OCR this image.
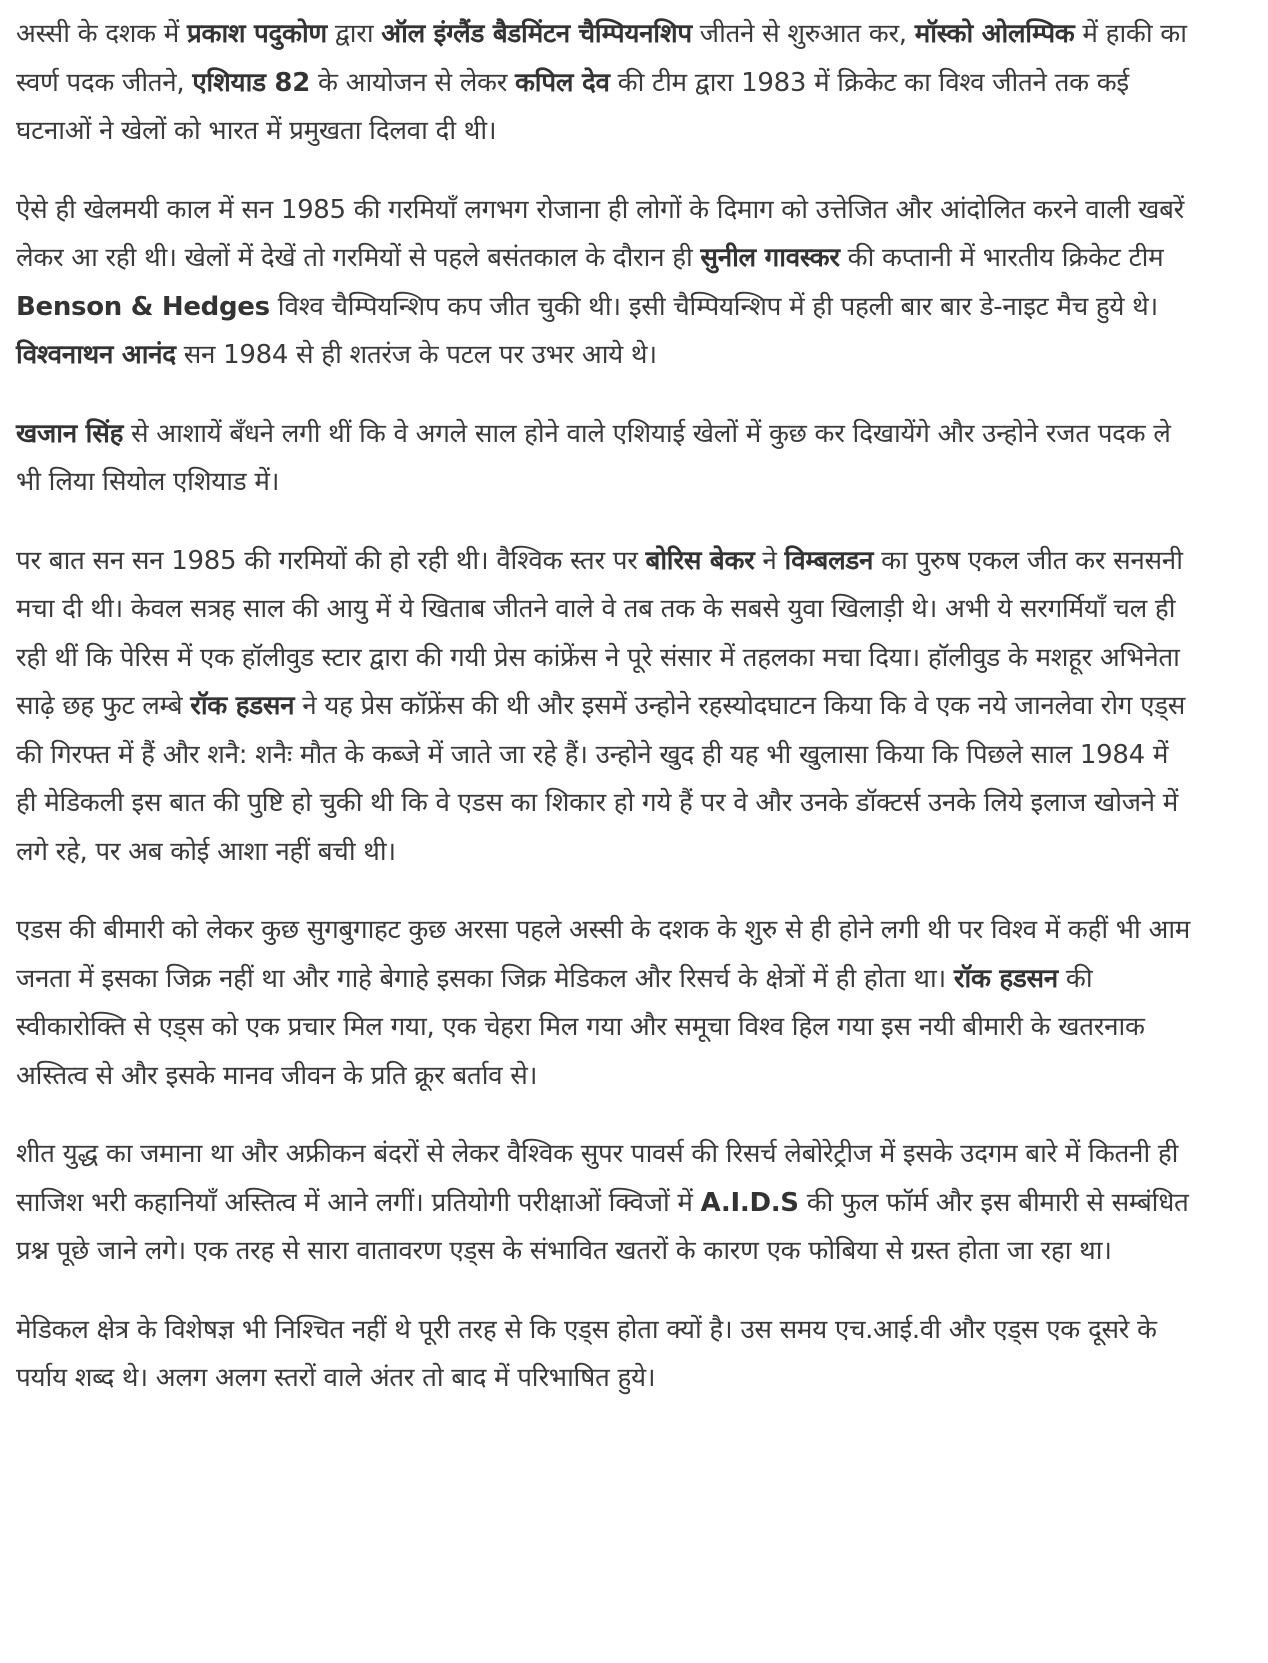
अस्सी के दशक में प्रकाश पदुकोण द्वारा ऑल इंग्लैंड बैडमिंटन चैम्पियनशिप जीतने से शुरुआत कर, मॉस्को ओलम्पिक में हाकी का स्वर्ण पदक जीतने, एशियाड 82 के आयोजन से लेकर कपिल देव की टीम द्वारा 1983 में क्रिकेट का विश्व जीतने तक कई घटनाओं ने खेलों को भारत में प्रमुखता दिलवा दी थी।

ऐसे ही खेलमयी काल में सन 1985 की गरमियाँ लगभग रोजाना ही लोगों के दिमाग को उत्तेजित और आंदोलित करने वाली खबरें लेकर आ रही थी। खेलों में देखें तो गरमियों से पहले बसंतकाल के दौरान ही सुनील गावस्कर की कप्तानी में भारतीय क्रिकेट टीम Benson & Hedges विश्व चैम्पियन्शिप कप जीत चुकी थी। इसी चैम्पियन्शिप में ही पहली बार बार डे-नाइट मैच हुये थे। विश्वनाथन आनंद सन 1984 से ही शतरंज के पटल पर उभर आये थे।

खजान सिंह से आशायें बँधने लगी थीं कि वे अगले साल होने वाले एशियाई खेलों में कुछ कर दिखायेंगे और उन्होने रजत पदक ले भी लिया सियोल एशियाड में।

पर बात सन सन 1985 की गरमियों की हो रही थी। वैश्विक स्तर पर बोरिस बेकर ने विम्बलडन का पुरुष एकल जीत कर सनसनी मचा दी थी। केवल सत्रह साल की आयु में ये खिताब जीतने वाले वे तब तक के सबसे युवा खिलाड़ी थे। अभी ये सरगर्मियाँ चल ही रही थीं कि पेरिस में एक हॉलीवुड स्टार द्वारा की गयी प्रेस कांफ्रेंस ने पूरे संसार में तहलका मचा दिया। हॉलीवुड के मशहूर अभिनेता साढ़े छह फुट लम्बे रॉक हडसन ने यह प्रेस कॉफ्रेंस की थी और इसमें उन्होने रहस्योदघाटन किया कि वे एक नये जानलेवा रोग एड्स की गिरफ्त में हैं और शनै: शनैः मौत के कब्जे में जाते जा रहे हैं। उन्होने खुद ही यह भी खुलासा किया कि पिछले साल 1984 में ही मेडिकली इस बात की पुष्टि हो चुकी थी कि वे एडस का शिकार हो गये हैं पर वे और उनके डॉक्टर्स उनके लिये इलाज खोजने में लगे रहे, पर अब कोई आशा नहीं बची थी।

एडस की बीमारी को लेकर कुछ सुगबुगाहट कुछ अरसा पहले अस्सी के दशक के शुरु से ही होने लगी थी पर विश्व में कहीं भी आम जनता में इसका जिक्र नहीं था और गाहे बेगाहे इसका जिक्र मेडिकल और रिसर्च के क्षेत्रों में ही होता था। रॉक हडसन की स्वीकारोक्ति से एड्स को एक प्रचार मिल गया, एक चेहरा मिल गया और समूचा विश्व हिल गया इस नयी बीमारी के खतरनाक अस्तित्व से और इसके मानव जीवन के प्रति क्रूर बर्ताव से।

शीत युद्ध का जमाना था और अफ्रीकन बंदरों से लेकर वैश्विक सुपर पावर्स की रिसर्च लेबोरेट्रीज में इसके उदगम बारे में कितनी ही साजिश भरी कहानियाँ अस्तित्व में आने लगीं। प्रतियोगी परीक्षाओं क्विजों में A.I.D.S की फुल फॉर्म और इस बीमारी से सम्बंधित प्रश्न पूछे जाने लगे। एक तरह से सारा वातावरण एड्स के संभावित खतरों के कारण एक फोबिया से ग्रस्त होता जा रहा था।

मेडिकल क्षेत्र के विशेषज्ञ भी निश्चित नहीं थे पूरी तरह से कि एड्स होता क्यों है। उस समय एच.आई.वी और एड्स एक दूसरे के पर्याय शब्द थे। अलग अलग स्तरों वाले अंतर तो बाद में परिभाषित हुये।
